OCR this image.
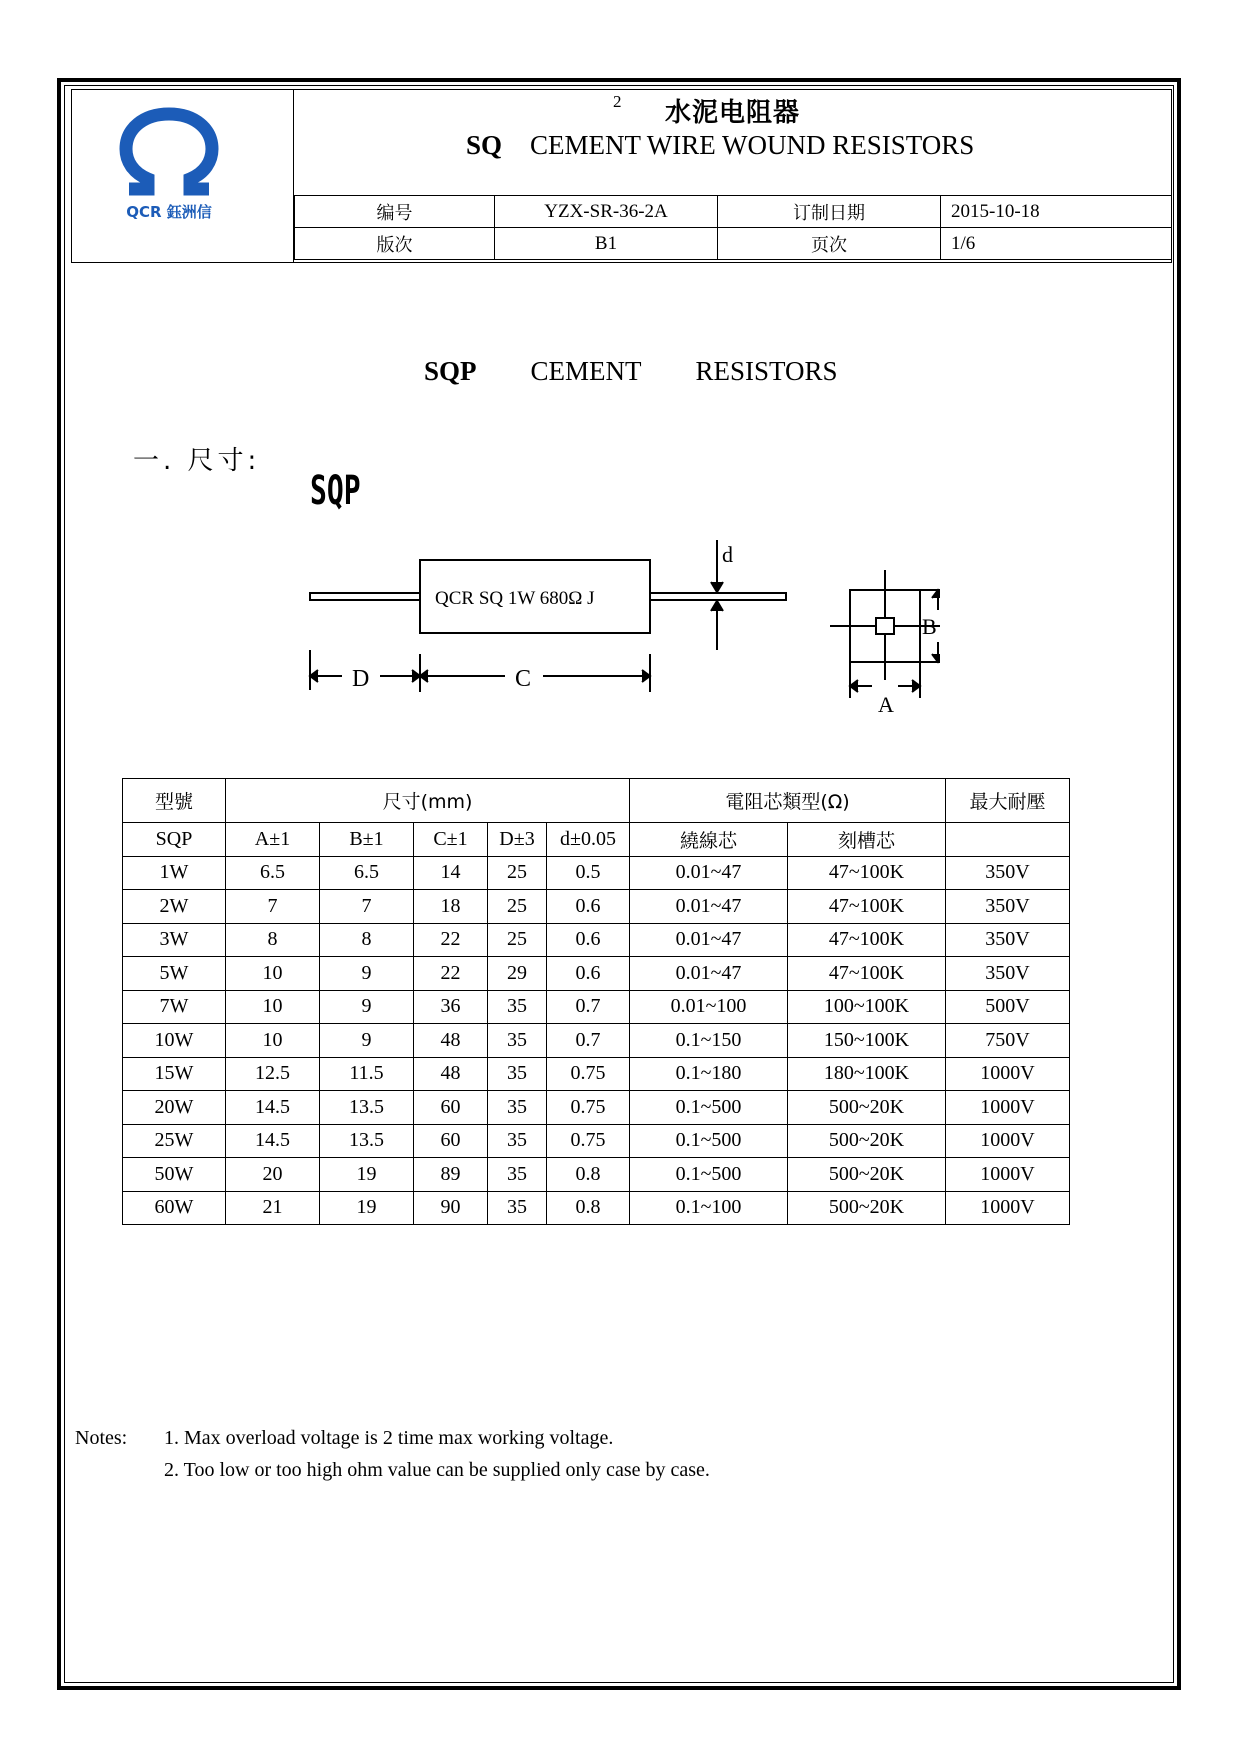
QCR 鈺洲信
2 水泥电阻器
SQ CEMENT WIRE WOUND RESISTORS
编号	YZX-SR-36-2A	订制日期	2015-10-18
版次	B1	页次	1/6
SQP CEMENT RESISTORS
一. 尺寸:
SQP
QCR SQ 1W 680Ω J
d
D	C
A
B
型號	尺寸(mm)					電阻芯類型(Ω)		最大耐壓
SQP	A±1	B±1	C±1	D±3	d±0.05	繞線芯	刻槽芯	
1W	6.5	6.5	14	25	0.5	0.01~47	47~100K	350V
2W	7	7	18	25	0.6	0.01~47	47~100K	350V
3W	8	8	22	25	0.6	0.01~47	47~100K	350V
5W	10	9	22	29	0.6	0.01~47	47~100K	350V
7W	10	9	36	35	0.7	0.01~100	100~100K	500V
10W	10	9	48	35	0.7	0.1~150	150~100K	750V
15W	12.5	11.5	48	35	0.75	0.1~180	180~100K	1000V
20W	14.5	13.5	60	35	0.75	0.1~500	500~20K	1000V
25W	14.5	13.5	60	35	0.75	0.1~500	500~20K	1000V
50W	20	19	89	35	0.8	0.1~500	500~20K	1000V
60W	21	19	90	35	0.8	0.1~100	500~20K	1000V
Notes: 1. Max overload voltage is 2 time max working voltage.
2. Too low or too high ohm value can be supplied only case by case.
